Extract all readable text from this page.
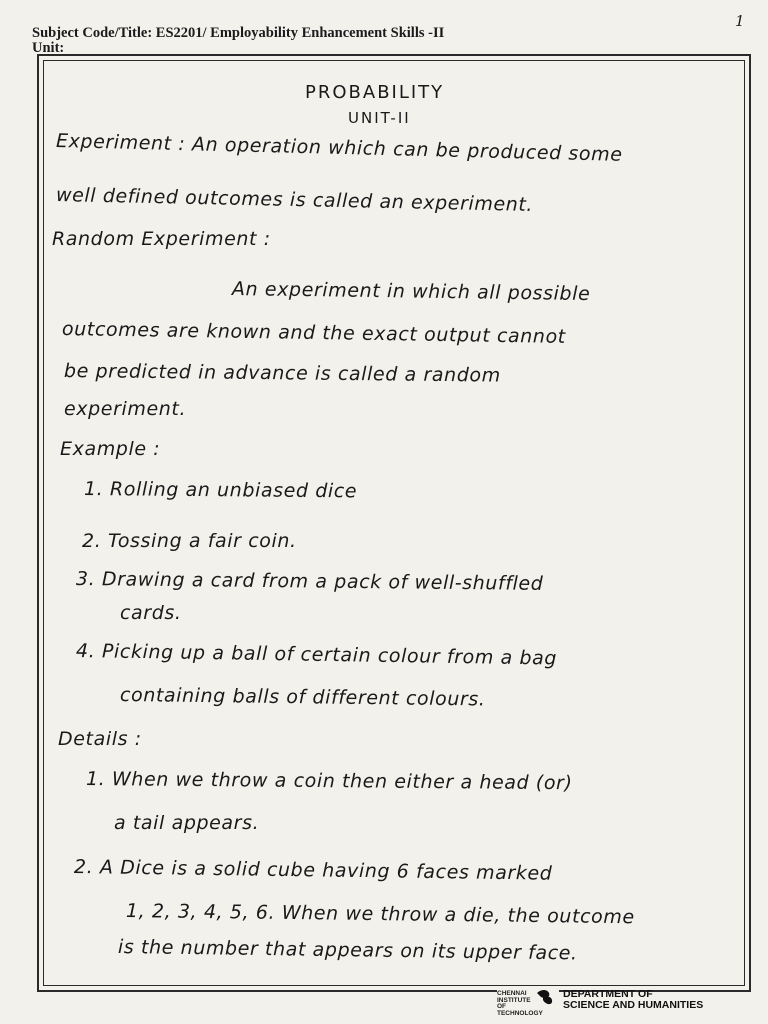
1
Subject Code/Title: ES2201/ Employability Enhancement Skills -II
Unit:
PROBABILITY
UNIT-II
Experiment : An operation which can be produced some
well defined outcomes is called an experiment.
Random Experiment :
An experiment in which all possible
outcomes are known and the exact output cannot
be predicted in advance is called a random
experiment.
Example :
1. Rolling an unbiased dice
2. Tossing a fair coin.
3. Drawing a card from a pack of well-shuffled
cards.
4. Picking up a ball of certain colour from a bag
containing balls of different colours.
Details :
1. When we throw a coin then either a head (or)
a tail appears.
2. A Dice is a solid cube having 6 faces marked
1, 2, 3, 4, 5, 6. When we throw a die, the outcome
is the number that appears on its upper face.
CHENNAI INSTITUTE OF TECHNOLOGY
DEPARTMENT OF
SCIENCE AND HUMANITIES
